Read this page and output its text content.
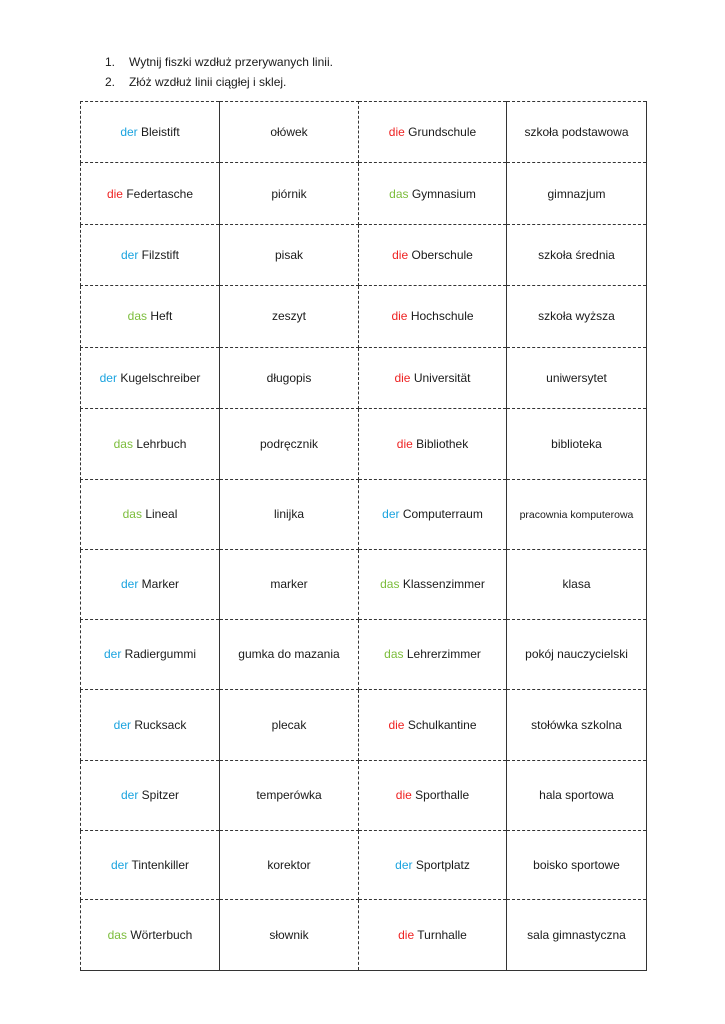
1.	Wytnij fiszki wzdłuż przerywanych linii.
2.	Złóż wzdłuż linii ciągłej i sklej.
der Bleistift	ołówek	die Grundschule	szkoła podstawowa
die Federtasche	piórnik	das Gymnasium	gimnazjum
der Filzstift	pisak	die Oberschule	szkoła średnia
das Heft	zeszyt	die Hochschule	szkoła wyższa
der Kugelschreiber	długopis	die Universität	uniwersytet
das Lehrbuch	podręcznik	die Bibliothek	biblioteka
das Lineal	linijka	der Computerraum	pracownia komputerowa
der Marker	marker	das Klassenzimmer	klasa
der Radiergummi	gumka do mazania	das Lehrerzimmer	pokój nauczycielski
der Rucksack	plecak	die Schulkantine	stołówka szkolna
der Spitzer	temperówka	die Sporthalle	hala sportowa
der Tintenkiller	korektor	der Sportplatz	boisko sportowe
das Wörterbuch	słownik	die Turnhalle	sala gimnastyczna
